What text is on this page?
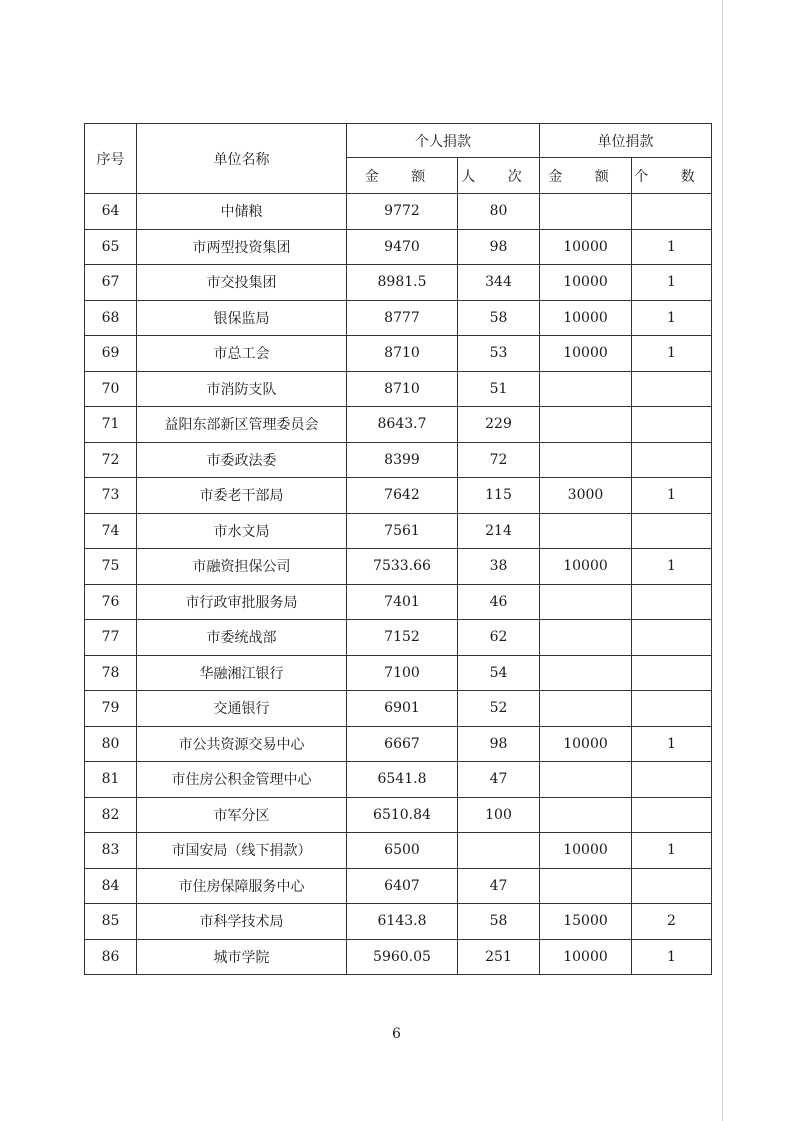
序号	单位名称	个人捐款		单位捐款	
		金 额	人 次	金 额	个 数
64	中储粮	9772	80		
65	市两型投资集团	9470	98	10000	1
67	市交投集团	8981.5	344	10000	1
68	银保监局	8777	58	10000	1
69	市总工会	8710	53	10000	1
70	市消防支队	8710	51		
71	益阳东部新区管理委员会	8643.7	229		
72	市委政法委	8399	72		
73	市委老干部局	7642	115	3000	1
74	市水文局	7561	214		
75	市融资担保公司	7533.66	38	10000	1
76	市行政审批服务局	7401	46		
77	市委统战部	7152	62		
78	华融湘江银行	7100	54		
79	交通银行	6901	52		
80	市公共资源交易中心	6667	98	10000	1
81	市住房公积金管理中心	6541.8	47		
82	市军分区	6510.84	100		
83	市国安局（线下捐款）	6500		10000	1
84	市住房保障服务中心	6407	47		
85	市科学技术局	6143.8	58	15000	2
86	城市学院	5960.05	251	10000	1
6
